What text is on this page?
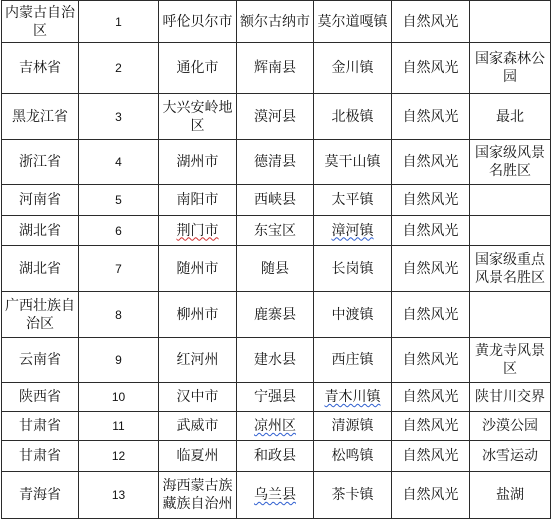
内蒙古自治区	1	呼伦贝尔市	额尔古纳市	莫尔道嘎镇	自然风光	
吉林省	2	通化市	辉南县	金川镇	自然风光	国家森林公园
黑龙江省	3	大兴安岭地区	漠河县	北极镇	自然风光	最北
浙江省	4	湖州市	德清县	莫干山镇	自然风光	国家级风景名胜区
河南省	5	南阳市	西峡县	太平镇	自然风光	
湖北省	6	荆门市	东宝区	漳河镇	自然风光	
湖北省	7	随州市	随县	长岗镇	自然风光	国家级重点风景名胜区
广西壮族自治区	8	柳州市	鹿寨县	中渡镇	自然风光	
云南省	9	红河州	建水县	西庄镇	自然风光	黄龙寺风景区
陕西省	10	汉中市	宁强县	青木川镇	自然风光	陕甘川交界
甘肃省	11	武威市	凉州区	清源镇	自然风光	沙漠公园
甘肃省	12	临夏州	和政县	松鸣镇	自然风光	冰雪运动
青海省	13	海西蒙古族藏族自治州	乌兰县	茶卡镇	自然风光	盐湖
